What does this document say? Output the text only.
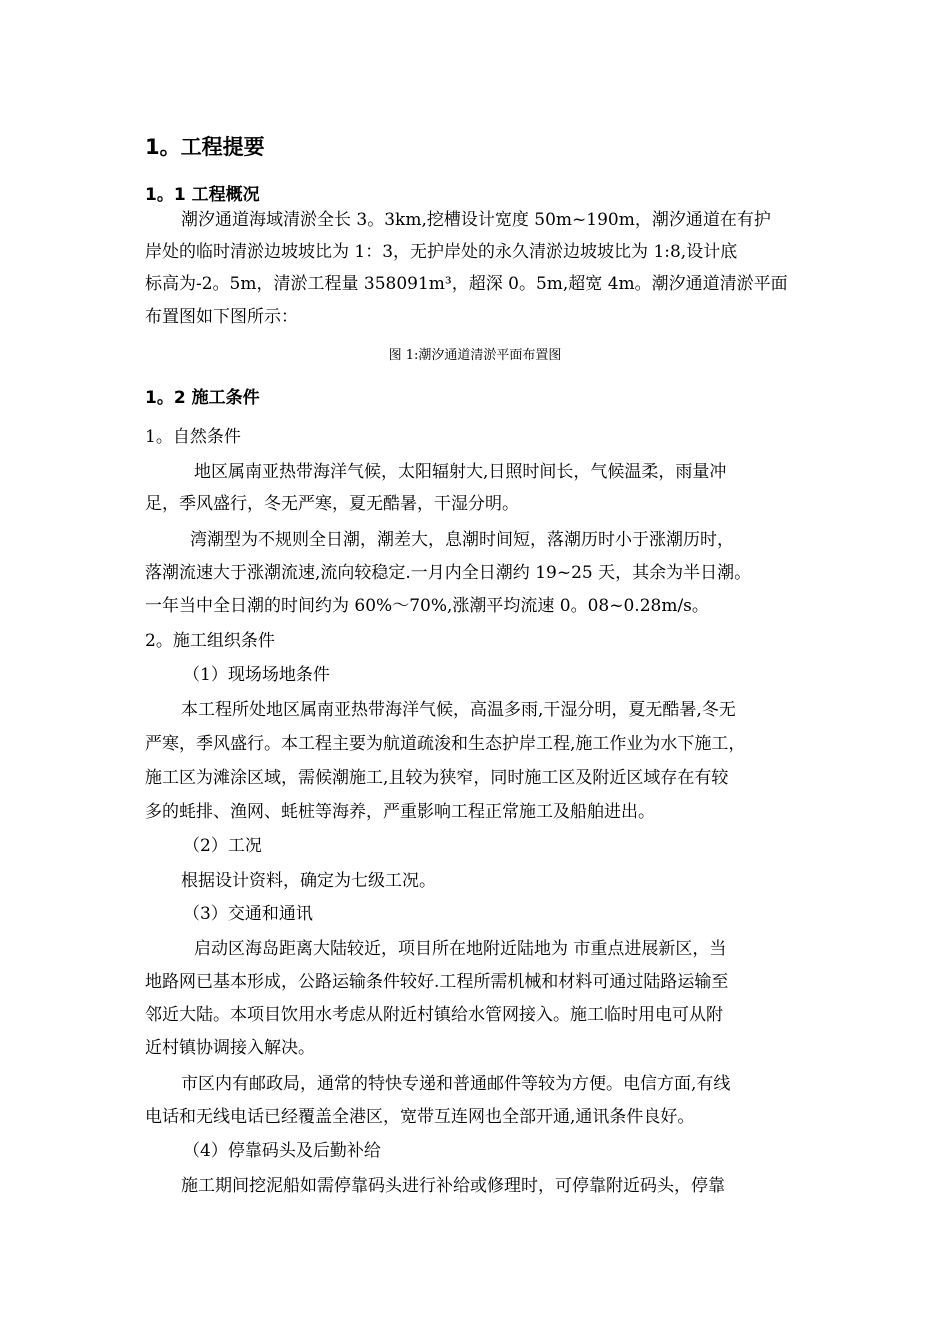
1。工程提要
1。1 工程概况
潮汐通道海域清淤全长 3。3km,挖槽设计宽度 50m~190m，潮汐通道在有护
岸处的临时清淤边坡坡比为 1：3，无护岸处的永久清淤边坡坡比为 1:8,设计底
标高为-2。5m，清淤工程量 358091m³，超深 0。5m,超宽 4m。潮汐通道清淤平面
布置图如下图所示：
图 1:潮汐通道清淤平面布置图
1。2 施工条件
1。自然条件
地区属南亚热带海洋气候，太阳辐射大,日照时间长，气候温柔，雨量冲
足，季风盛行，冬无严寒，夏无酷暑，干湿分明。
湾潮型为不规则全日潮，潮差大，息潮时间短，落潮历时小于涨潮历时，
落潮流速大于涨潮流速,流向较稳定.一月内全日潮约 19~25 天，其余为半日潮。
一年当中全日潮的时间约为 60%～70%,涨潮平均流速 0。08~0.28m/s。
2。施工组织条件
（1）现场场地条件
本工程所处地区属南亚热带海洋气候，高温多雨,干湿分明，夏无酷暑,冬无
严寒，季风盛行。本工程主要为航道疏浚和生态护岸工程,施工作业为水下施工，
施工区为滩涂区域，需候潮施工,且较为狭窄，同时施工区及附近区域存在有较
多的蚝排、渔网、蚝桩等海养，严重影响工程正常施工及船舶进出。
（2）工况
根据设计资料，确定为七级工况。
（3）交通和通讯
启动区海岛距离大陆较近，项目所在地附近陆地为 市重点进展新区，当
地路网已基本形成，公路运输条件较好.工程所需机械和材料可通过陆路运输至
邻近大陆。本项目饮用水考虑从附近村镇给水管网接入。施工临时用电可从附
近村镇协调接入解决。
市区内有邮政局，通常的特快专递和普通邮件等较为方便。电信方面,有线
电话和无线电话已经覆盖全港区，宽带互连网也全部开通,通讯条件良好。
（4）停靠码头及后勤补给
施工期间挖泥船如需停靠码头进行补给或修理时，可停靠附近码头，停靠
